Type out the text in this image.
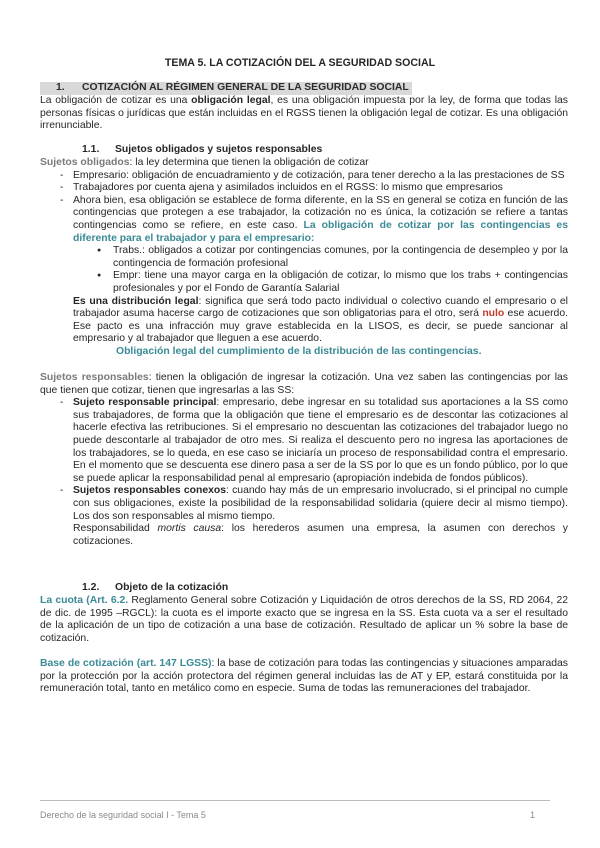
TEMA 5. LA COTIZACIÓN DEL A SEGURIDAD SOCIAL
1. COTIZACIÓN AL RÉGIMEN GENERAL DE LA SEGURIDAD SOCIAL
La obligación de cotizar es una obligación legal, es una obligación impuesta por la ley, de forma que todas las personas físicas o jurídicas que están incluidas en el RGSS tienen la obligación legal de cotizar. Es una obligación irrenunciable.
1.1. Sujetos obligados y sujetos responsables

Sujetos obligados: la ley determina que tienen la obligación de cotizar

- Empresario: obligación de encuadramiento y de cotización, para tener derecho a la las prestaciones de SS

- Trabajadores por cuenta ajena y asimilados incluidos en el RGSS: lo mismo que empresarios

- Ahora bien, esa obligación se establece de forma diferente, en la SS en general se cotiza en función de las contingencias que protegen a ese trabajador, la cotización no es única, la cotización se refiere a tantas contingencias como se refiere, en este caso. La obligación de cotizar por las contingencias es diferente para el trabajador y para el empresario:

● Trabs.: obligados a cotizar por contingencias comunes, por la contingencia de desempleo y por la contingencia de formación profesional

● Empr: tiene una mayor carga en la obligación de cotizar, lo mismo que los trabs + contingencias profesionales y por el Fondo de Garantía Salarial

Es una distribución legal: significa que será todo pacto individual o colectivo cuando el empresario o el trabajador asuma hacerse cargo de cotizaciones que son obligatorias para el otro, será nulo ese acuerdo. Ese pacto es una infracción muy grave establecida en la LISOS, es decir, se puede sancionar al empresario y al trabajador que lleguen a ese acuerdo.

Obligación legal del cumplimiento de la distribución de las contingencias.

Sujetos responsables: tienen la obligación de ingresar la cotización. Una vez saben las contingencias por las que tienen que cotizar, tienen que ingresarlas a las SS:

- Sujeto responsable principal: empresario, debe ingresar en su totalidad sus aportaciones a la SS como sus trabajadores, de forma que la obligación que tiene el empresario es de descontar las cotizaciones al hacerle efectiva las retribuciones. Si el empresario no descuentan las cotizaciones del trabajador luego no puede descontarle al trabajador de otro mes. Si realiza el descuento pero no ingresa las aportaciones de los trabajadores, se lo queda, en ese caso se iniciaría un proceso de responsabilidad contra el empresario. En el momento que se descuenta ese dinero pasa a ser de la SS por lo que es un fondo público, por lo que se puede aplicar la responsabilidad penal al empresario (apropiación indebida de fondos públicos).

- Sujetos responsables conexos: cuando hay más de un empresario involucrado, si el principal no cumple con sus obligaciones, existe la posibilidad de la responsabilidad solidaria (quiere decir al mismo tiempo). Los dos son responsables al mismo tiempo.

Responsabilidad mortis causa: los herederos asumen una empresa, la asumen con derechos y cotizaciones.

1.2. Objeto de la cotización
La cuota (Art. 6.2. Reglamento General sobre Cotización y Liquidación de otros derechos de la SS, RD 2064, 22 de dic. de 1995 –RGCL): la cuota es el importe exacto que se ingresa en la SS. Esta cuota va a ser el resultado de la aplicación de un tipo de cotización a una base de cotización. Resultado de aplicar un % sobre la base de cotización.
Base de cotización (art. 147 LGSS): la base de cotización para todas las contingencias y situaciones amparadas por la protección por la acción protectora del régimen general incluidas las de AT y EP, estará constituida por la remuneración total, tanto en metálico como en especie. Suma de todas las remuneraciones del trabajador.
Derecho de la seguridad social I - Tema 5	1
